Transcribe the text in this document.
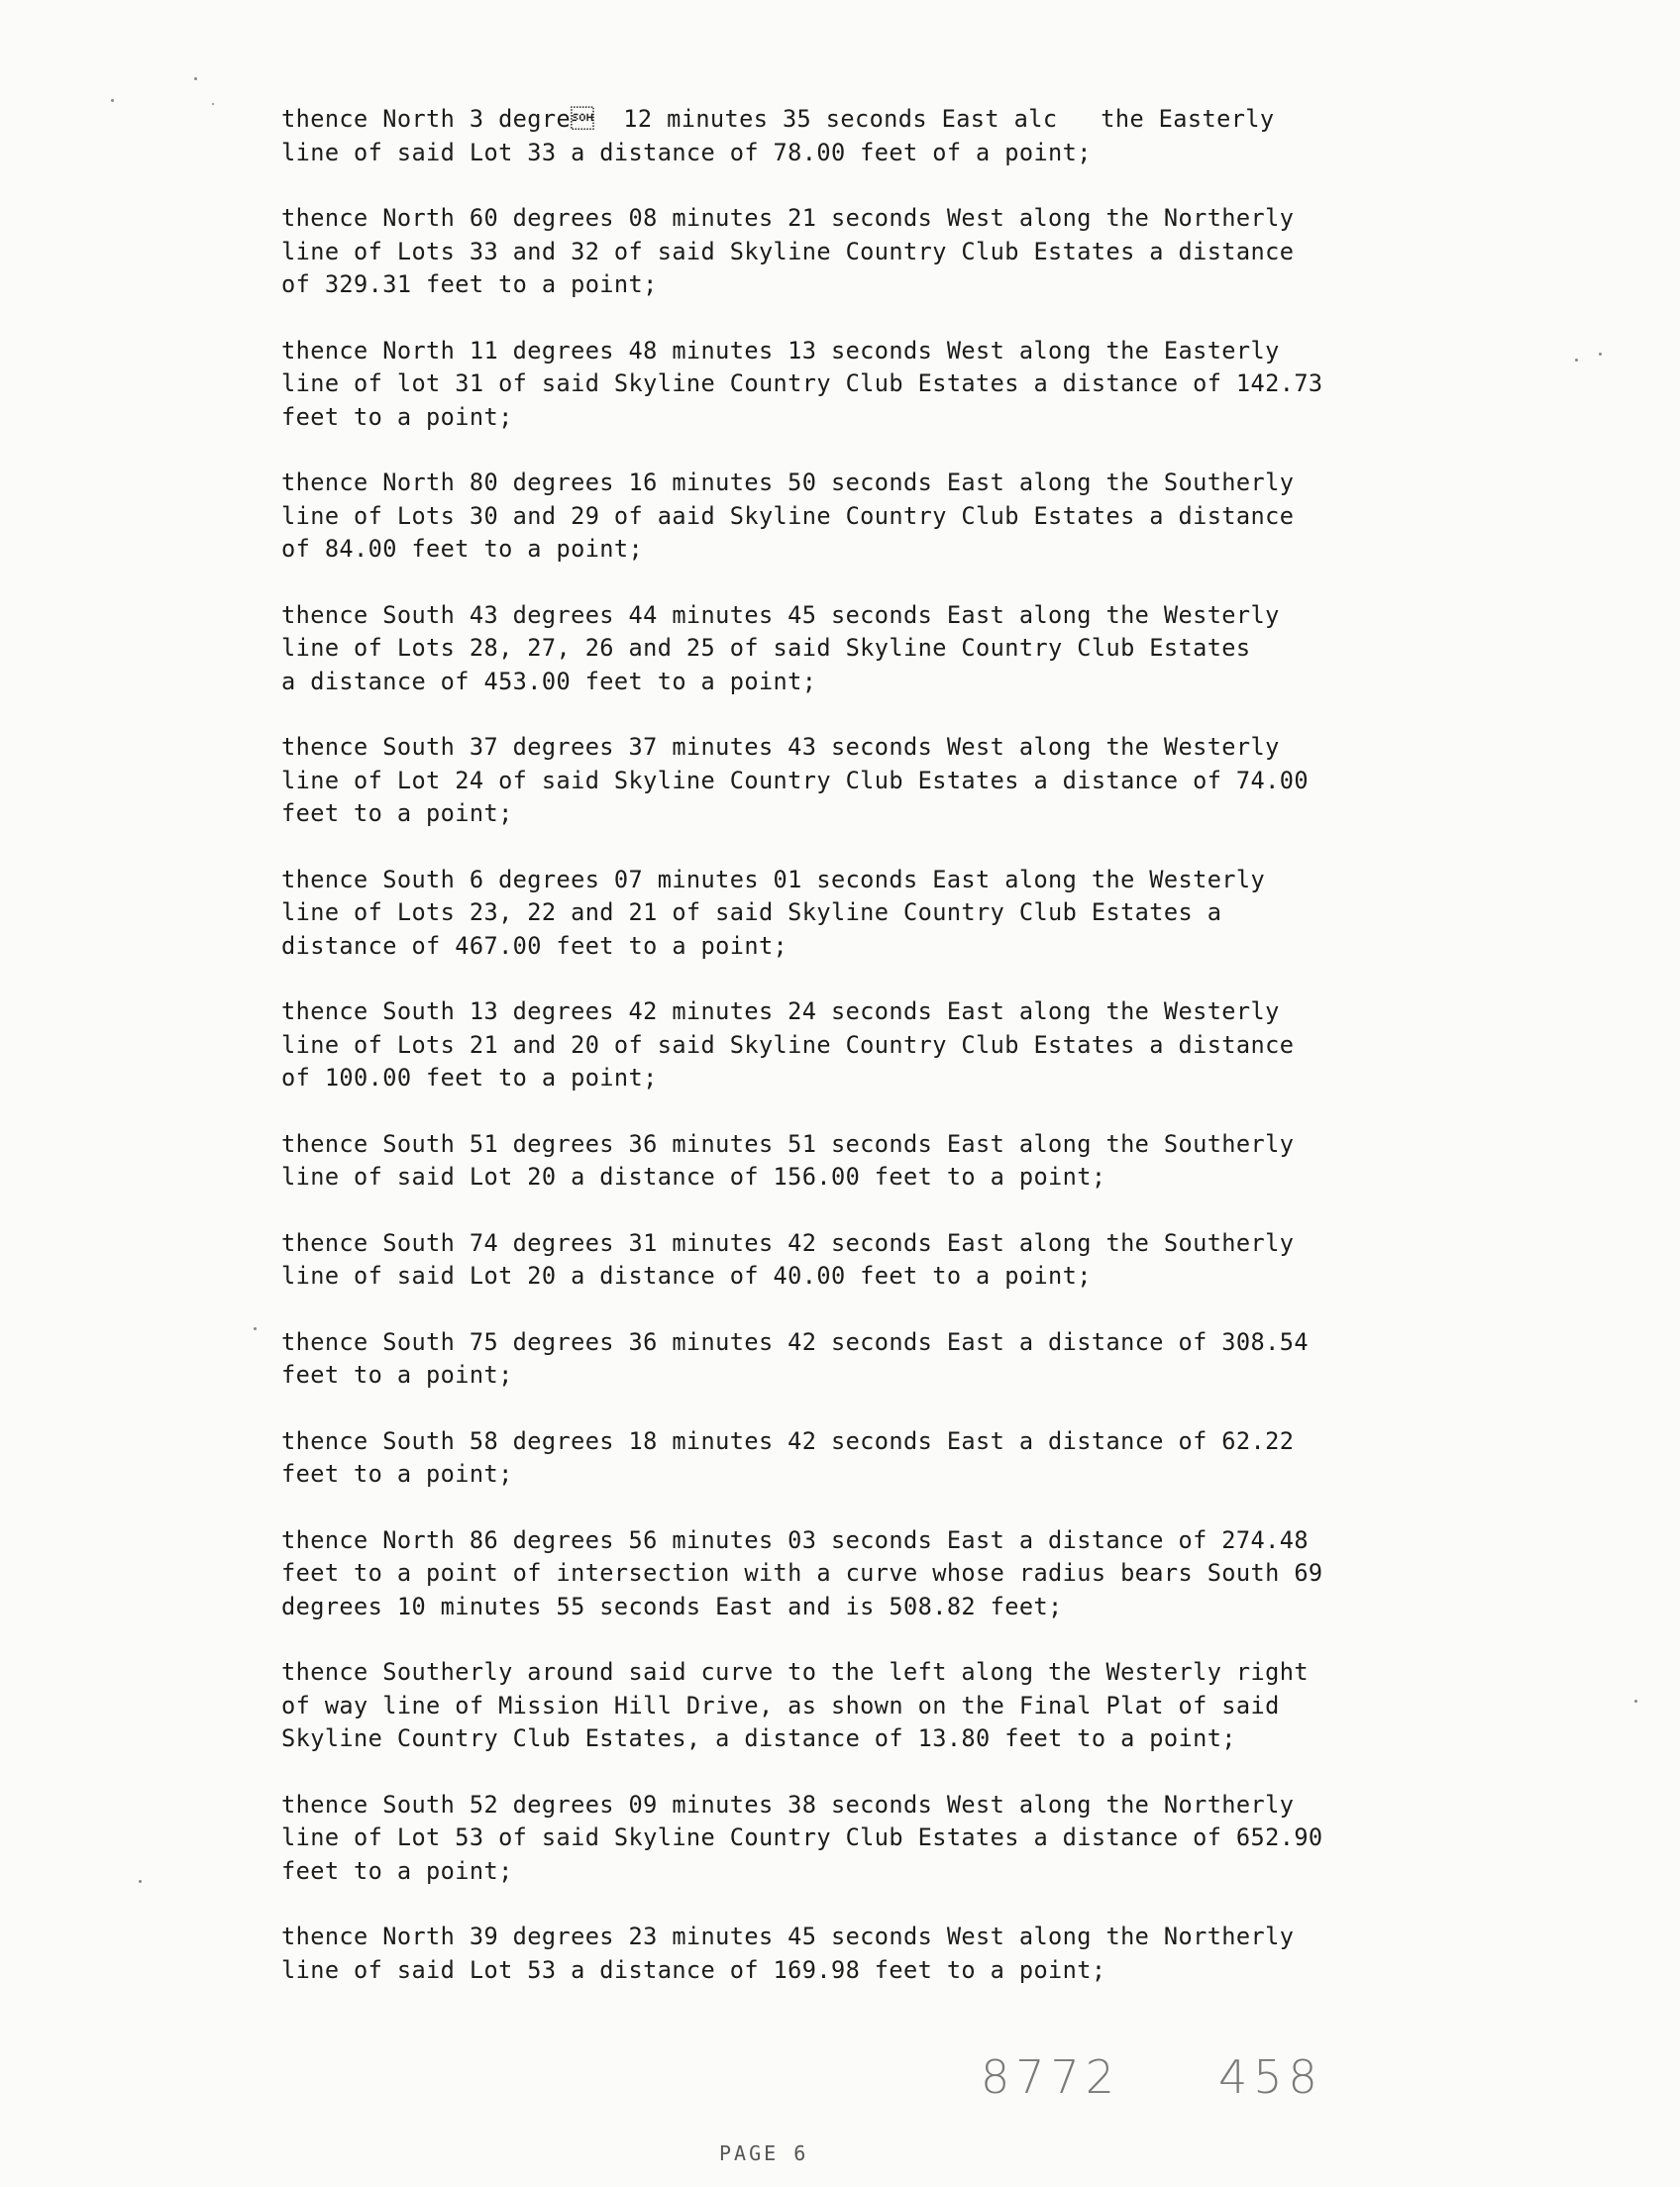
thence North 3 degre  12 minutes 35 seconds East alc   the Easterly
line of said Lot 33 a distance of 78.00 feet of a point;

thence North 60 degrees 08 minutes 21 seconds West along the Northerly
line of Lots 33 and 32 of said Skyline Country Club Estates a distance
of 329.31 feet to a point;

thence North 11 degrees 48 minutes 13 seconds West along the Easterly
line of lot 31 of said Skyline Country Club Estates a distance of 142.73
feet to a point;

thence North 80 degrees 16 minutes 50 seconds East along the Southerly
line of Lots 30 and 29 of aaid Skyline Country Club Estates a distance
of 84.00 feet to a point;

thence South 43 degrees 44 minutes 45 seconds East along the Westerly
line of Lots 28, 27, 26 and 25 of said Skyline Country Club Estates
a distance of 453.00 feet to a point;

thence South 37 degrees 37 minutes 43 seconds West along the Westerly
line of Lot 24 of said Skyline Country Club Estates a distance of 74.00
feet to a point;

thence South 6 degrees 07 minutes 01 seconds East along the Westerly
line of Lots 23, 22 and 21 of said Skyline Country Club Estates a
distance of 467.00 feet to a point;

thence South 13 degrees 42 minutes 24 seconds East along the Westerly
line of Lots 21 and 20 of said Skyline Country Club Estates a distance
of 100.00 feet to a point;

thence South 51 degrees 36 minutes 51 seconds East along the Southerly
line of said Lot 20 a distance of 156.00 feet to a point;

thence South 74 degrees 31 minutes 42 seconds East along the Southerly
line of said Lot 20 a distance of 40.00 feet to a point;

thence South 75 degrees 36 minutes 42 seconds East a distance of 308.54
feet to a point;

thence South 58 degrees 18 minutes 42 seconds East a distance of 62.22
feet to a point;

thence North 86 degrees 56 minutes 03 seconds East a distance of 274.48
feet to a point of intersection with a curve whose radius bears South 69
degrees 10 minutes 55 seconds East and is 508.82 feet;

thence Southerly around said curve to the left along the Westerly right
of way line of Mission Hill Drive, as shown on the Final Plat of said
Skyline Country Club Estates, a distance of 13.80 feet to a point;

thence South 52 degrees 09 minutes 38 seconds West along the Northerly
line of Lot 53 of said Skyline Country Club Estates a distance of 652.90
feet to a point;

thence North 39 degrees 23 minutes 45 seconds West along the Northerly
line of said Lot 53 a distance of 169.98 feet to a point;

8772 458
PAGE 6
